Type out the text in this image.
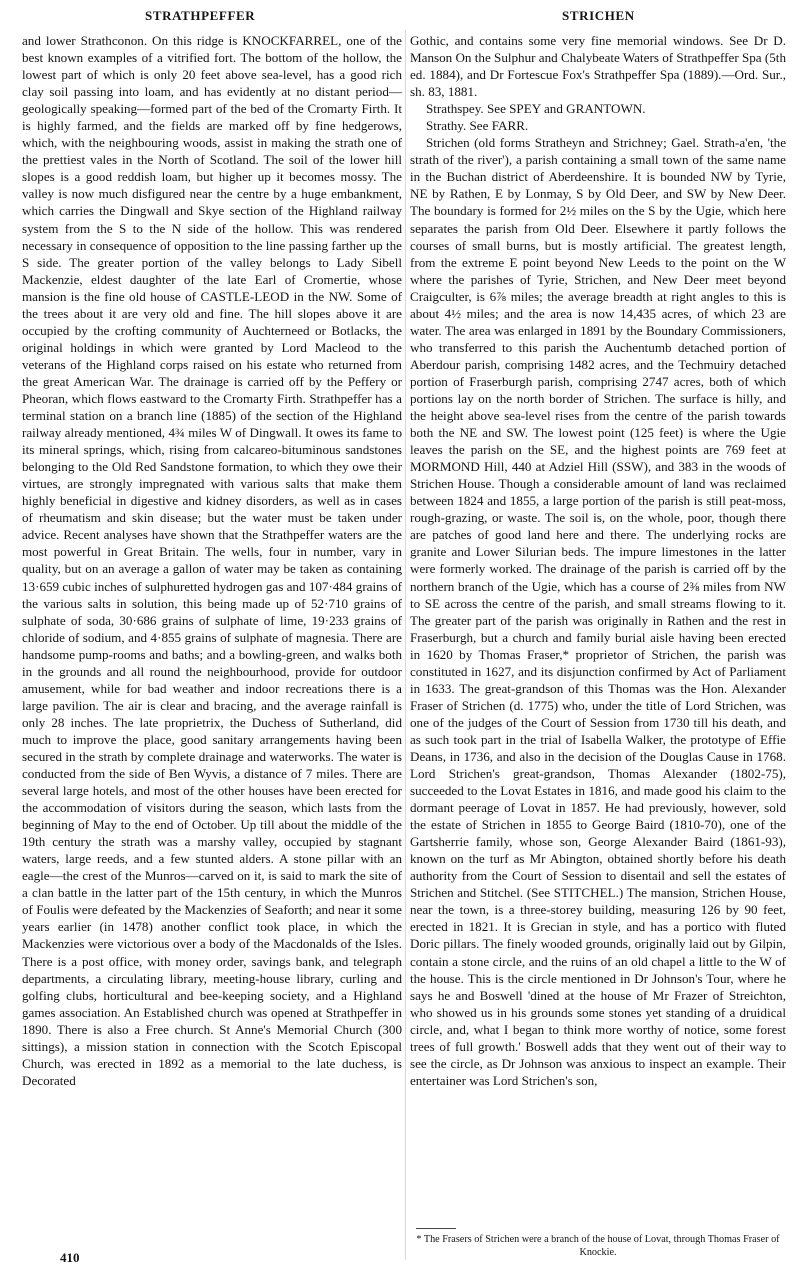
STRATHPEFFER	STRICHEN

and lower Strathconon. On this ridge is KNOCKFARREL, one of the best known examples of a vitrified fort. The bottom of the hollow, the lowest part of which is only 20 feet above sea-level, has a good rich clay soil passing into loam, and has evidently at no distant period—geologically speaking—formed part of the bed of the Cromarty Firth. It is highly farmed, and the fields are marked off by fine hedgerows, which, with the neighbouring woods, assist in making the strath one of the prettiest vales in the North of Scotland. The soil of the lower hill slopes is a good reddish loam, but higher up it becomes mossy. The valley is now much disfigured near the centre by a huge embankment, which carries the Dingwall and Skye section of the Highland railway system from the S to the N side of the hollow. This was rendered necessary in consequence of opposition to the line passing farther up the S side. The greater portion of the valley belongs to Lady Sibell Mackenzie, eldest daughter of the late Earl of Cromertie, whose mansion is the fine old house of CASTLE-LEOD in the NW. Some of the trees about it are very old and fine. The hill slopes above it are occupied by the crofting community of Auchterneed or Botlacks, the original holdings in which were granted by Lord Macleod to the veterans of the Highland corps raised on his estate who returned from the great American War. The drainage is carried off by the Peffery or Pheoran, which flows eastward to the Cromarty Firth. Strathpeffer has a terminal station on a branch line (1885) of the section of the Highland railway already mentioned, 4¾ miles W of Dingwall. It owes its fame to its mineral springs, which, rising from calcareo-bituminous sandstones belonging to the Old Red Sandstone formation, to which they owe their virtues, are strongly impregnated with various salts that make them highly beneficial in digestive and kidney disorders, as well as in cases of rheumatism and skin disease; but the water must be taken under advice. Recent analyses have shown that the Strathpeffer waters are the most powerful in Great Britain. The wells, four in number, vary in quality, but on an average a gallon of water may be taken as containing 13·659 cubic inches of sulphuretted hydrogen gas and 107·484 grains of the various salts in solution, this being made up of 52·710 grains of sulphate of soda, 30·686 grains of sulphate of lime, 19·233 grains of chloride of sodium, and 4·855 grains of sulphate of magnesia. There are handsome pump-rooms and baths; and a bowling-green, and walks both in the grounds and all round the neighbourhood, provide for outdoor amusement, while for bad weather and indoor recreations there is a large pavilion. The air is clear and bracing, and the average rainfall is only 28 inches. The late proprietrix, the Duchess of Sutherland, did much to improve the place, good sanitary arrangements having been secured in the strath by complete drainage and waterworks. The water is conducted from the side of Ben Wyvis, a distance of 7 miles. There are several large hotels, and most of the other houses have been erected for the accommodation of visitors during the season, which lasts from the beginning of May to the end of October. Up till about the middle of the 19th century the strath was a marshy valley, occupied by stagnant waters, large reeds, and a few stunted alders. A stone pillar with an eagle—the crest of the Munros—carved on it, is said to mark the site of a clan battle in the latter part of the 15th century, in which the Munros of Foulis were defeated by the Mackenzies of Seaforth; and near it some years earlier (in 1478) another conflict took place, in which the Mackenzies were victorious over a body of the Macdonalds of the Isles. There is a post office, with money order, savings bank, and telegraph departments, a circulating library, meeting-house library, curling and golfing clubs, horticultural and bee-keeping society, and a Highland games association. An Established church was opened at Strathpeffer in 1890. There is also a Free church. St Anne's Memorial Church (300 sittings), a mission station in connection with the Scotch Episcopal Church, was erected in 1892 as a memorial to the late duchess, is Decorated

Gothic, and contains some very fine memorial windows. See Dr D. Manson On the Sulphur and Chalybeate Waters of Strathpeffer Spa (5th ed. 1884), and Dr Fortescue Fox's Strathpeffer Spa (1889).—Ord. Sur., sh. 83, 1881.

Strathspey. See SPEY and GRANTOWN.

Strathy. See FARR.

Strichen (old forms Stratheyn and Strichney; Gael. Strath-a'en, 'the strath of the river'), a parish containing a small town of the same name in the Buchan district of Aberdeenshire. It is bounded NW by Tyrie, NE by Rathen, E by Lonmay, S by Old Deer, and SW by New Deer. The boundary is formed for 2½ miles on the S by the Ugie, which here separates the parish from Old Deer. Elsewhere it partly follows the courses of small burns, but is mostly artificial. The greatest length, from the extreme E point beyond New Leeds to the point on the W where the parishes of Tyrie, Strichen, and New Deer meet beyond Craigculter, is 6⅞ miles; the average breadth at right angles to this is about 4½ miles; and the area is now 14,435 acres, of which 23 are water. The area was enlarged in 1891 by the Boundary Commissioners, who transferred to this parish the Auchentumb detached portion of Aberdour parish, comprising 1482 acres, and the Techmuiry detached portion of Fraserburgh parish, comprising 2747 acres, both of which portions lay on the north border of Strichen. The surface is hilly, and the height above sea-level rises from the centre of the parish towards both the NE and SW. The lowest point (125 feet) is where the Ugie leaves the parish on the SE, and the highest points are 769 feet at MORMOND Hill, 440 at Adziel Hill (SSW), and 383 in the woods of Strichen House. Though a considerable amount of land was reclaimed between 1824 and 1855, a large portion of the parish is still peat-moss, rough-grazing, or waste. The soil is, on the whole, poor, though there are patches of good land here and there. The underlying rocks are granite and Lower Silurian beds. The impure limestones in the latter were formerly worked. The drainage of the parish is carried off by the northern branch of the Ugie, which has a course of 2⅜ miles from NW to SE across the centre of the parish, and small streams flowing to it. The greater part of the parish was originally in Rathen and the rest in Fraserburgh, but a church and family burial aisle having been erected in 1620 by Thomas Fraser,* proprietor of Strichen, the parish was constituted in 1627, and its disjunction confirmed by Act of Parliament in 1633. The great-grandson of this Thomas was the Hon. Alexander Fraser of Strichen (d. 1775) who, under the title of Lord Strichen, was one of the judges of the Court of Session from 1730 till his death, and as such took part in the trial of Isabella Walker, the prototype of Effie Deans, in 1736, and also in the decision of the Douglas Cause in 1768. Lord Strichen's great-grandson, Thomas Alexander (1802-75), succeeded to the Lovat Estates in 1816, and made good his claim to the dormant peerage of Lovat in 1857. He had previously, however, sold the estate of Strichen in 1855 to George Baird (1810-70), one of the Gartsherrie family, whose son, George Alexander Baird (1861-93), known on the turf as Mr Abington, obtained shortly before his death authority from the Court of Session to disentail and sell the estates of Strichen and Stitchel. (See STITCHEL.) The mansion, Strichen House, near the town, is a three-storey building, measuring 126 by 90 feet, erected in 1821. It is Grecian in style, and has a portico with fluted Doric pillars. The finely wooded grounds, originally laid out by Gilpin, contain a stone circle, and the ruins of an old chapel a little to the W of the house. This is the circle mentioned in Dr Johnson's Tour, where he says he and Boswell 'dined at the house of Mr Frazer of Streichton, who showed us in his grounds some stones yet standing of a druidical circle, and, what I began to think more worthy of notice, some forest trees of full growth.' Boswell adds that they went out of their way to see the circle, as Dr Johnson was anxious to inspect an example. Their entertainer was Lord Strichen's son,

* The Frasers of Strichen were a branch of the house of Lovat, through Thomas Fraser of Knockie.
410
